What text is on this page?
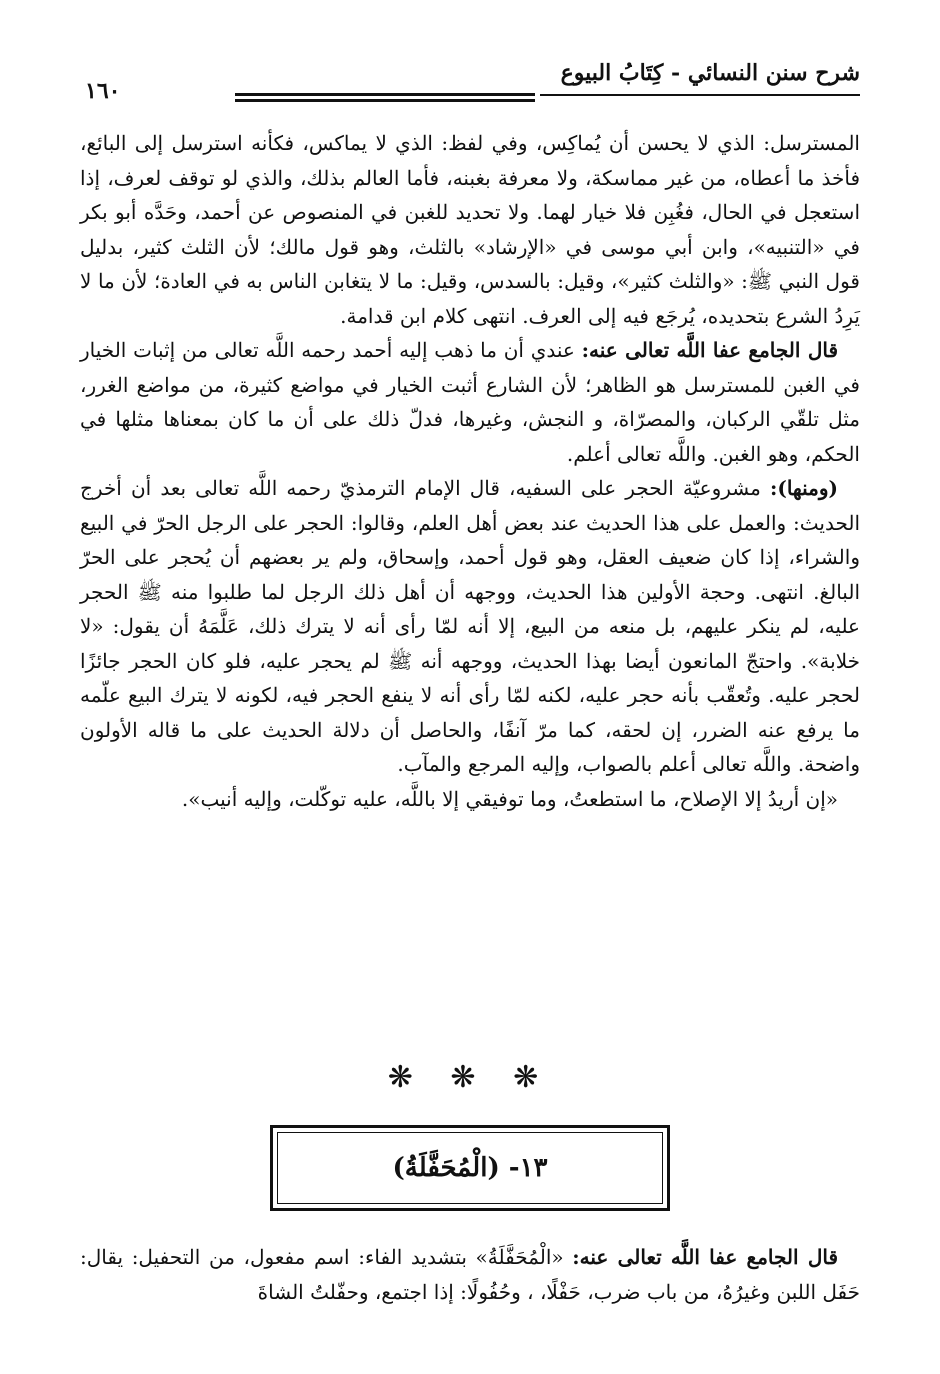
شرح سنن النسائي - كِتَابُ البيوع
١٦٠

المسترسل: الذي لا يحسن أن يُماكِس، وفي لفظ: الذي لا يماكس، فكأنه استرسل إلى البائع، فأخذ ما أعطاه، من غير مماسكة، ولا معرفة بغبنه، فأما العالم بذلك، والذي لو توقف لعرف، إذا استعجل في الحال، فغُبِن فلا خيار لهما. ولا تحديد للغبن في المنصوص عن أحمد، وحَدَّه أبو بكر في «التنبيه»، وابن أبي موسى في «الإرشاد» بالثلث، وهو قول مالك؛ لأن الثلث كثير، بدليل قول النبي ﷺ: «والثلث كثير»، وقيل: بالسدس، وقيل: ما لا يتغابن الناس به في العادة؛ لأن ما لا يَرِدُ الشرع بتحديده، يُرجَع فيه إلى العرف. انتهى كلام ابن قدامة.

قال الجامع عفا اللَّه تعالى عنه: عندي أن ما ذهب إليه أحمد رحمه اللَّه تعالى من إثبات الخيار في الغبن للمسترسل هو الظاهر؛ لأن الشارع أثبت الخيار في مواضع كثيرة، من مواضع الغرر، مثل تلقّي الركبان، والمصرّاة، و النجش، وغيرها، فدلّ ذلك على أن ما كان بمعناها مثلها في الحكم، وهو الغبن. واللَّه تعالى أعلم.

(ومنها): مشروعيّة الحجر على السفيه، قال الإمام الترمذيّ رحمه اللَّه تعالى بعد أن أخرج الحديث: والعمل على هذا الحديث عند بعض أهل العلم، وقالوا: الحجر على الرجل الحرّ في البيع والشراء، إذا كان ضعيف العقل، وهو قول أحمد، وإسحاق، ولم ير بعضهم أن يُحجر على الحرّ البالغ. انتهى. وحجة الأولين هذا الحديث، ووجهه أن أهل ذلك الرجل لما طلبوا منه ﷺ الحجر عليه، لم ينكر عليهم، بل منعه من البيع، إلا أنه لمّا رأى أنه لا يترك ذلك، عَلَّمَهُ أن يقول: «لا خلابة». واحتجّ المانعون أيضا بهذا الحديث، ووجهه أنه ﷺ لم يحجر عليه، فلو كان الحجر جائزًا لحجر عليه. وتُعقّب بأنه حجر عليه، لكنه لمّا رأى أنه لا ينفع الحجر فيه، لكونه لا يترك البيع علّمه ما يرفع عنه الضرر، إن لحقه، كما مرّ آنفًا، والحاصل أن دلالة الحديث على ما قاله الأولون واضحة. واللَّه تعالى أعلم بالصواب، وإليه المرجع والمآب.

«إن أريدُ إلا الإصلاح، ما استطعتُ، وما توفيقي إلا باللَّه، عليه توكّلت، وإليه أنيب».

❋ ❋ ❋
١٣- (الْمُحَفَّلَةُ)

قال الجامع عفا اللَّه تعالى عنه: «الْمُحَفَّلَةُ» بتشديد الفاء: اسم مفعول، من التحفيل: يقال: حَفَل اللبن وغيرُهُ، من باب ضرب، حَفْلًا، ، وحُفُولًا: إذا اجتمع، وحفّلتُ الشاةَ
